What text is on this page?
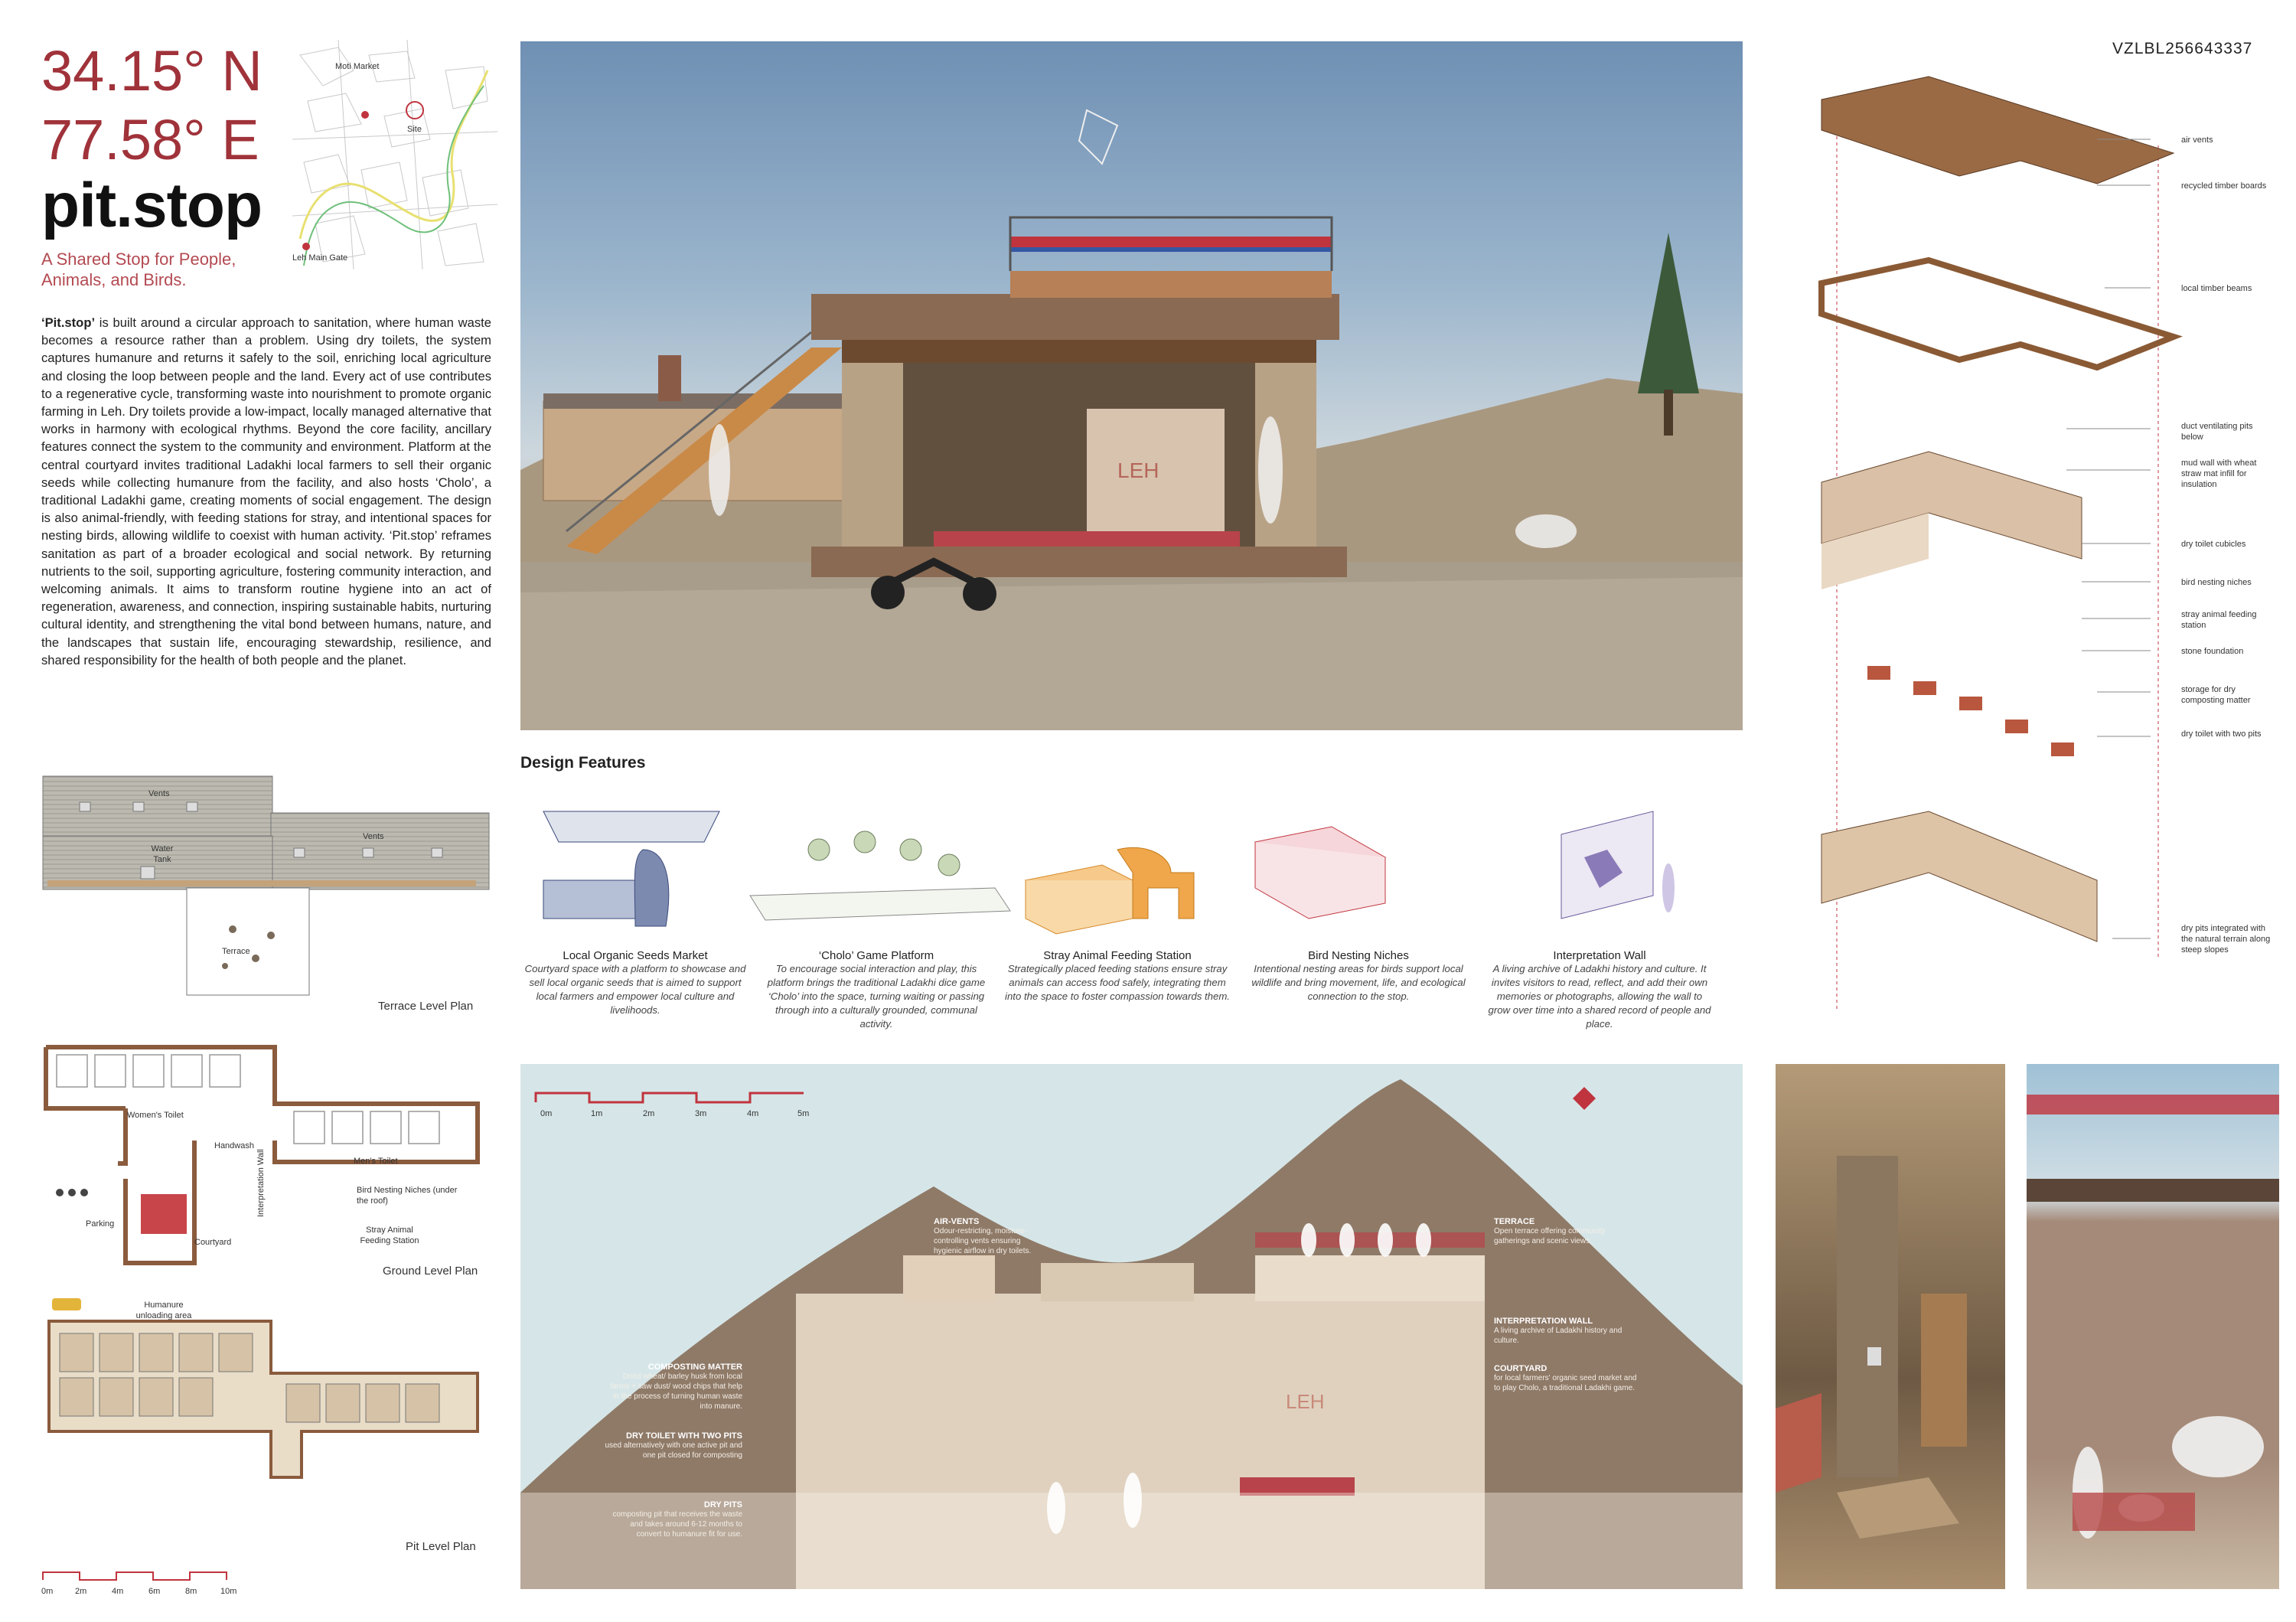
34.15° N
77.58° E
pit.stop
A Shared Stop for People, Animals, and Birds.
Moti Market
Site
Leh Main Gate
‘Pit.stop’ is built around a circular approach to sanitation, where human waste becomes a resource rather than a problem. Using dry toilets, the system captures humanure and returns it safely to the soil, enriching local agriculture and closing the loop between people and the land. Every act of use contributes to a regenerative cycle, transforming waste into nourishment to promote organic farming in Leh. Dry toilets provide a low-impact, locally managed alternative that works in harmony with ecological rhythms. Beyond the core facility, ancillary features connect the system to the community and environment. Platform at the central courtyard invites traditional Ladakhi local farmers to sell their organic seeds while collecting humanure from the facility, and also hosts ‘Cholo’, a traditional Ladakhi game, creating moments of social engagement. The design is also animal-friendly, with feeding stations for stray, and intentional spaces for nesting birds, allowing wildlife to coexist with human activity. ‘Pit.stop’ reframes sanitation as part of a broader ecological and social network. By returning nutrients to the soil, supporting agriculture, fostering community interaction, and welcoming animals. It aims to transform routine hygiene into an act of regeneration, awareness, and connection, inspiring sustainable habits, nurturing cultural identity, and strengthening the vital bond between humans, nature, and the landscapes that sustain life, encouraging stewardship, resilience, and shared responsibility for the health of both people and the planet.
Vents
Vents
Water Tank
Terrace
Terrace Level Plan
Women's Toilet
Handwash
Men's Toilet
Parking
Courtyard
Interpretation Wall	Bird Nesting Niches (under the roof)
Stray Animal Feeding Station
Ground Level Plan
Humanure unloading area
Pit Level Plan
0m	2m	4m	6m	8m	10m
LEH
Design Features
Local Organic Seeds Market
Courtyard space with a platform to showcase and sell local organic seeds that is aimed to support local farmers and empower local culture and livelihoods.
‘Cholo’ Game Platform
To encourage social interaction and play, this platform brings the traditional Ladakhi dice game ‘Cholo’ into the space, turning waiting or passing through into a culturally grounded, communal activity.
Stray Animal Feeding Station
Strategically placed feeding stations ensure stray animals can access food safely, integrating them into the space to foster compassion towards them.
Bird Nesting Niches
Intentional nesting areas for birds support local wildlife and bring movement, life, and ecological connection to the stop.
Interpretation Wall
A living archive of Ladakhi history and culture. It invites visitors to read, reflect, and add their own memories or photographs, allowing the wall to grow over time into a shared record of people and place.
LEH
0m	1m	2m	3m	4m	5m
AIR-VENTS
Odour-restricting, moisture-controlling vents ensuring hygienic airflow in dry toilets.
TERRACE
Open terrace offering community gatherings and scenic views.
COMPOSTING MATTER
Dried wheat/ barley husk from local farms + saw dust/ wood chips that help in the process of turning human waste into manure.
INTERPRETATION WALL
A living archive of Ladakhi history and culture.
COURTYARD
for local farmers' organic seed market and to play Cholo, a traditional Ladakhi game.
DRY TOILET WITH TWO PITS
used alternatively with one active pit and one pit closed for composting
DRY PITS
composting pit that receives the waste and takes around 6-12 months to convert to humanure fit for use.
VZLBL256643337
air vents
recycled timber boards
local timber beams
duct ventilating pits below
mud wall with wheat straw mat infill for insulation
dry toilet cubicles
bird nesting niches
stray animal feeding station
stone foundation
storage for dry composting matter
dry toilet with two pits
dry pits integrated with the natural terrain along steep slopes
